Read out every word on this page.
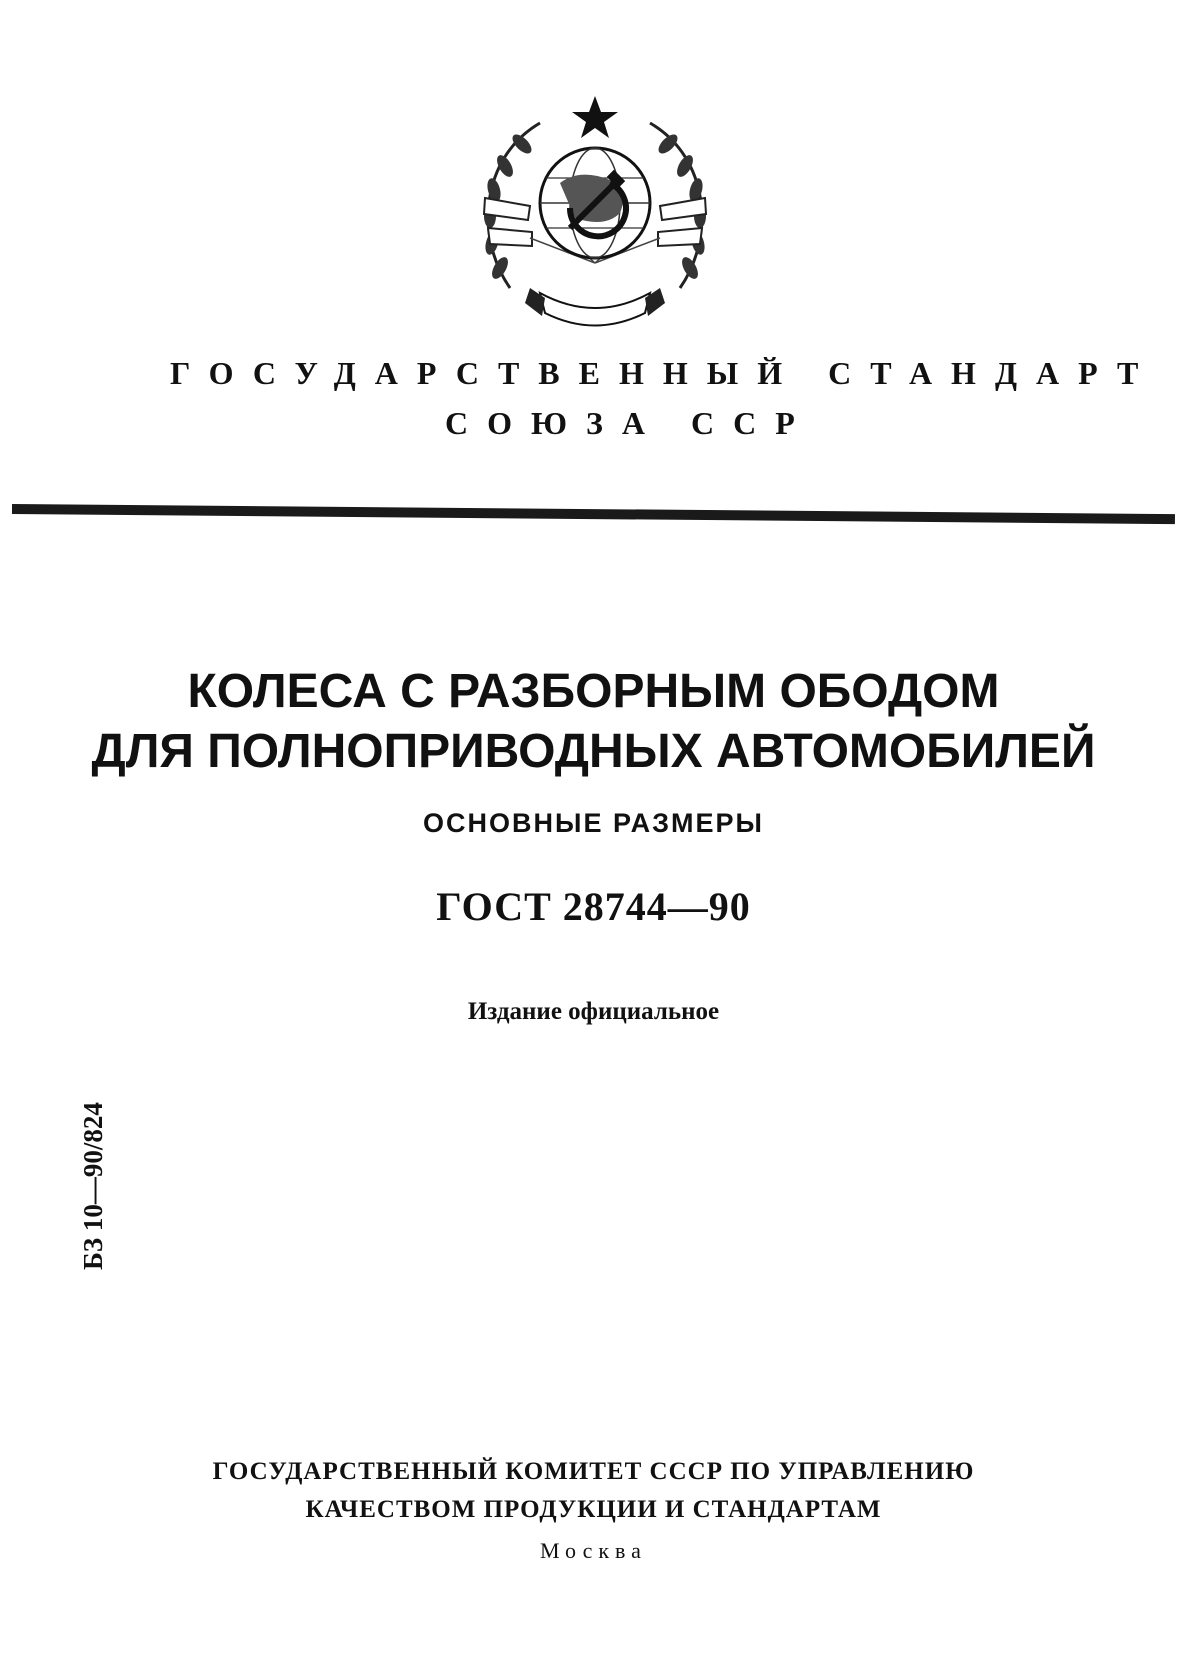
ГОСУДАРСТВЕННЫЙ СТАНДАРТ
СОЮЗА ССР
КОЛЕСА С РАЗБОРНЫМ ОБОДОМ
ДЛЯ ПОЛНОПРИВОДНЫХ АВТОМОБИЛЕЙ
ОСНОВНЫЕ РАЗМЕРЫ
ГОСТ 28744—90
Издание официальное
БЗ 10—90/824
ГОСУДАРСТВЕННЫЙ КОМИТЕТ СССР ПО УПРАВЛЕНИЮ
КАЧЕСТВОМ ПРОДУКЦИИ И СТАНДАРТАМ
Москва
